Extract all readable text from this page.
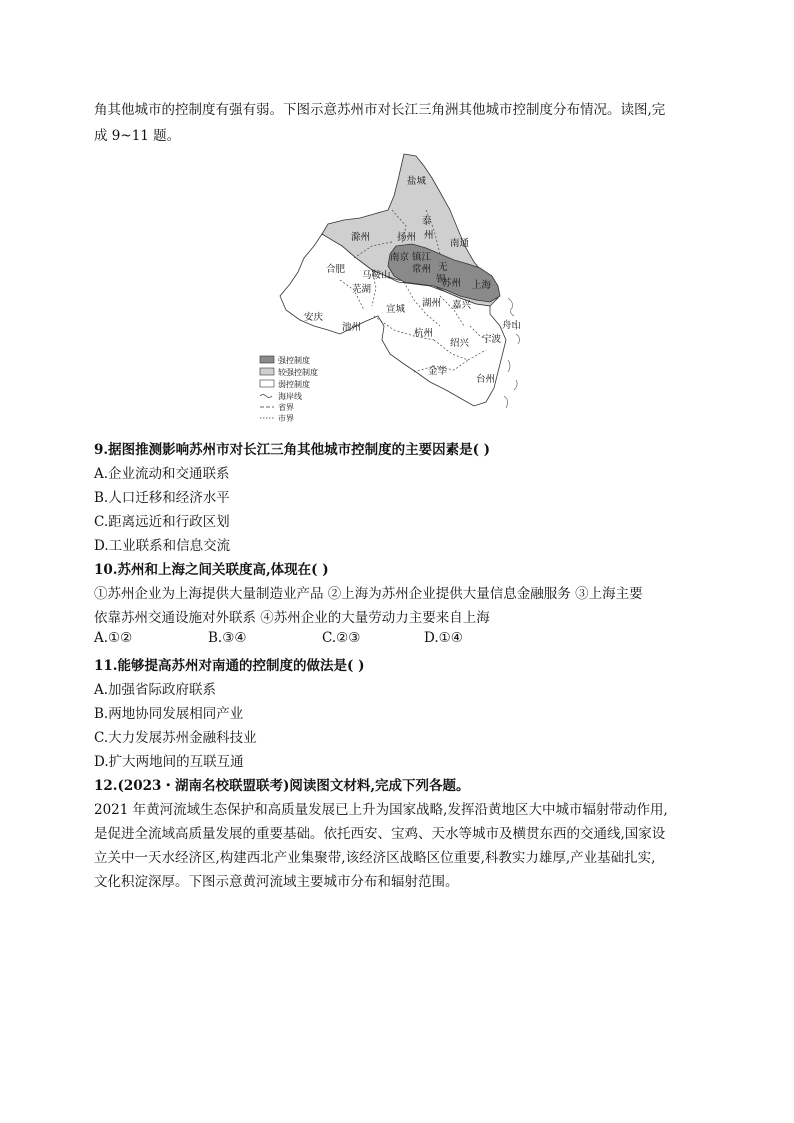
角其他城市的控制度有强有弱。下图示意苏州市对长江三角洲其他城市控制度分布情况。读图,完
成 9~11 题。
盐城
泰
州
扬州
滁州
南通
南京 镇江
常州 无
锡
合肥
马鞍山
苏州 上海
芜湖
安庆
宣城
湖州 嘉兴
池州
杭州
舟山
绍兴 宁波
金华
台州
强控制度
较强控制度
弱控制度
海岸线
省界
市界
9.据图推测影响苏州市对长江三角其他城市控制度的主要因素是( )
A.企业流动和交通联系
B.人口迁移和经济水平
C.距离远近和行政区划
D.工业联系和信息交流
10.苏州和上海之间关联度高,体现在( )
①苏州企业为上海提供大量制造业产品 ②上海为苏州企业提供大量信息金融服务 ③上海主要
依靠苏州交通设施对外联系 ④苏州企业的大量劳动力主要来自上海
A.①②	B.③④	C.②③	D.①④
11.能够提高苏州对南通的控制度的做法是( )
A.加强省际政府联系
B.两地协同发展相同产业
C.大力发展苏州金融科技业
D.扩大两地间的互联互通
12.(2023・湖南名校联盟联考)阅读图文材料,完成下列各题。
2021 年黄河流域生态保护和高质量发展已上升为国家战略,发挥沿黄地区大中城市辐射带动作用,
是促进全流域高质量发展的重要基础。依托西安、宝鸡、天水等城市及横贯东西的交通线,国家设
立关中一天水经济区,构建西北产业集聚带,该经济区战略区位重要,科教实力雄厚,产业基础扎实,
文化积淀深厚。下图示意黄河流域主要城市分布和辐射范围。
